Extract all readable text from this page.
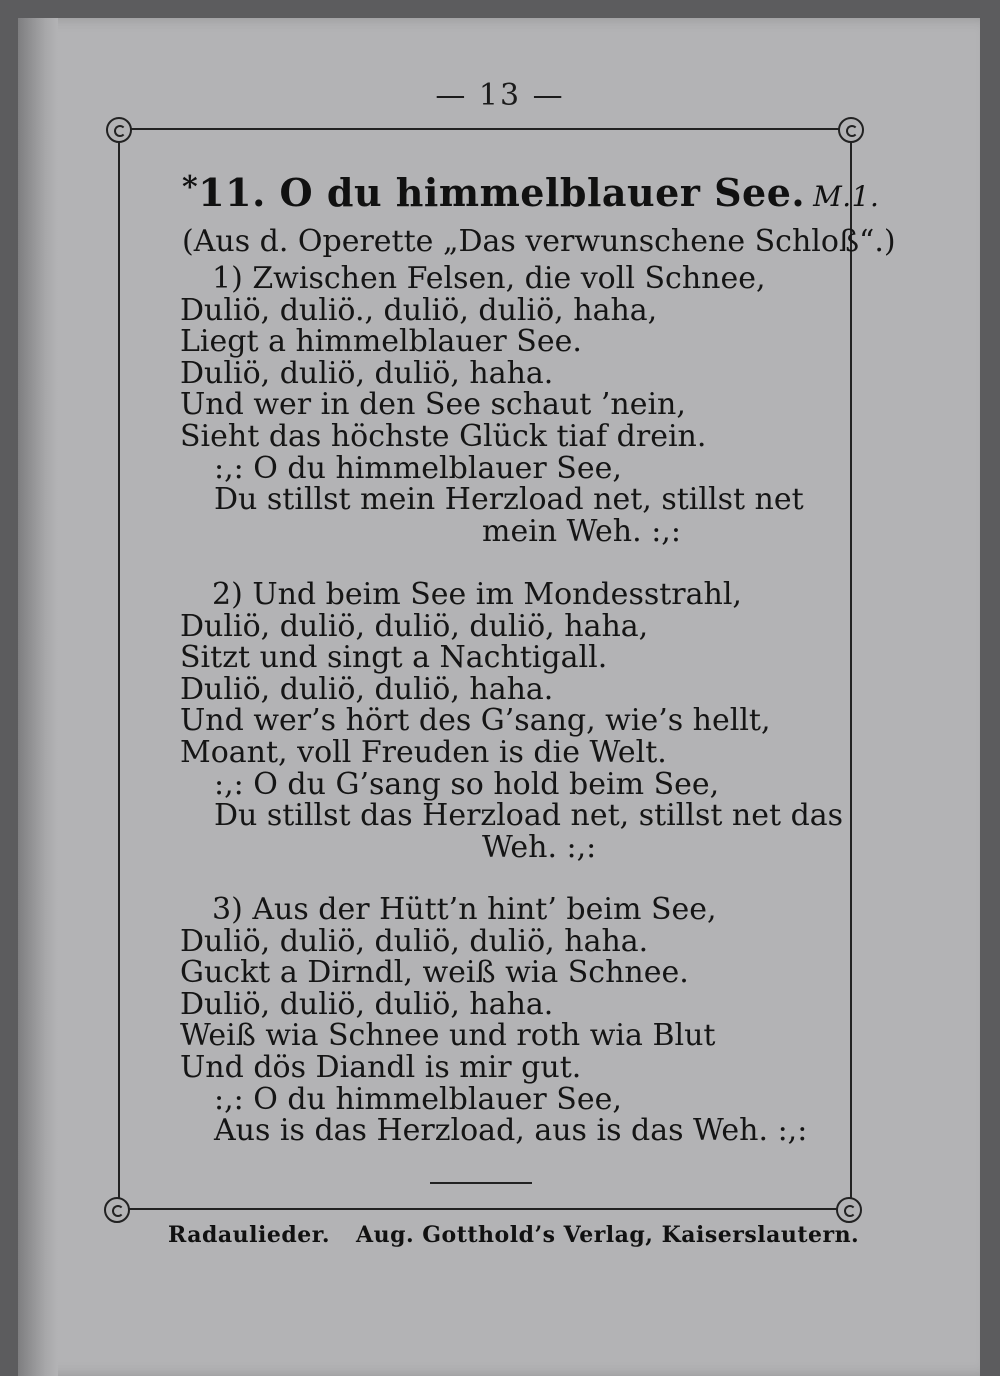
— 13 —
*11. O du himmelblauer See. M.1.
(Aus d. Operette „Das verwunschene Schloß“.)
1) Zwischen Felsen, die voll Schnee,
Duliö, duliö., duliö, duliö, haha,
Liegt a himmelblauer See.
Duliö, duliö, duliö, haha.
Und wer in den See schaut ’nein,
Sieht das höchste Glück tiaf drein.
:,: O du himmelblauer See,
Du stillst mein Herzload net, stillst net
mein Weh. :,:
2) Und beim See im Mondesstrahl,
Duliö, duliö, duliö, duliö, haha,
Sitzt und singt a Nachtigall.
Duliö, duliö, duliö, haha.
Und wer’s hört des G’sang, wie’s hellt,
Moant, voll Freuden is die Welt.
:,: O du G’sang so hold beim See,
Du stillst das Herzload net, stillst net das
Weh. :,:
3) Aus der Hütt’n hint’ beim See,
Duliö, duliö, duliö, duliö, haha.
Guckt a Dirndl, weiß wia Schnee.
Duliö, duliö, duliö, haha.
Weiß wia Schnee und roth wia Blut
Und dös Diandl is mir gut.
:,: O du himmelblauer See,
Aus is das Herzload, aus is das Weh. :,:
Radaulieder. Aug. Gotthold’s Verlag, Kaiserslautern.
